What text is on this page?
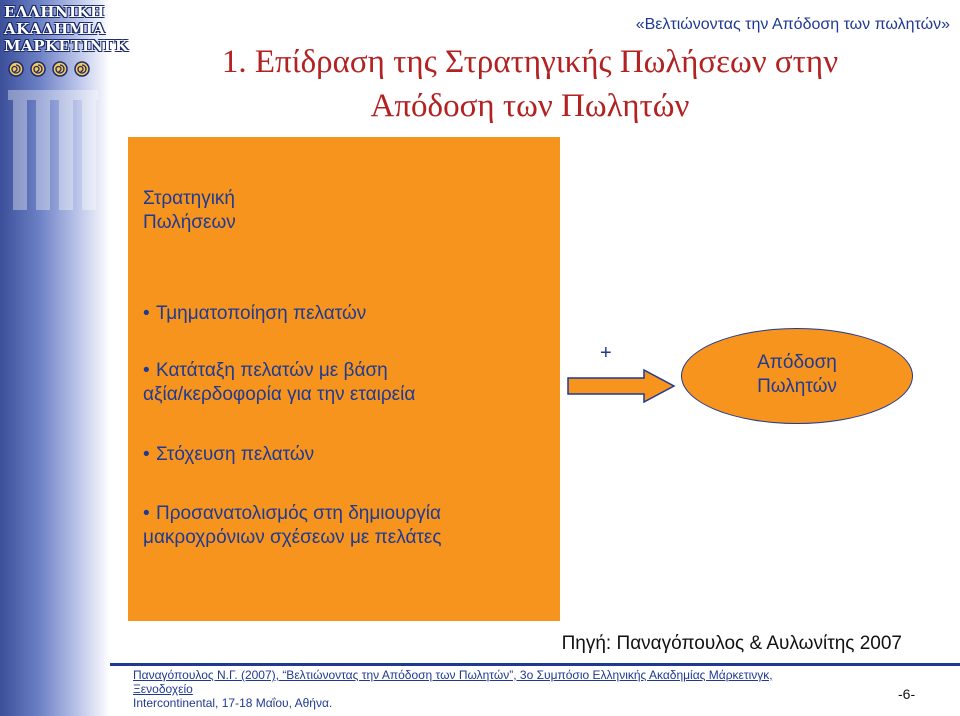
ΕΛΛΗΝΙΚΗ
ΑΚΑΔΗΜΙΑ
ΜΑΡΚΕΤΙΝΓΚ
«Βελτιώνοντας την Απόδοση των πωλητών»
1. Επίδραση της Στρατηγικής Πωλήσεων στην
Απόδοση των Πωλητών
Στρατηγική
Πωλήσεων
• Τμηματοποίηση πελατών
• Κατάταξη πελατών με βάση
αξία/κερδοφορία για την εταιρεία
• Στόχευση πελατών
• Προσανατολισμός στη δημιουργία
μακροχρόνιων σχέσεων με πελάτες
+	Απόδοση
Πωλητών
Πηγή: Παναγόπουλος & Αυλωνίτης 2007
Παναγόπουλος Ν.Γ. (2007), “Βελτιώνοντας την Απόδοση των Πωλητών”, 3ο Συμπόσιο Ελληνικής Ακαδημίας Μάρκετινγκ, Ξενοδοχείο
Intercontinental, 17-18 Μαΐου, Αθήνα.
-6-
